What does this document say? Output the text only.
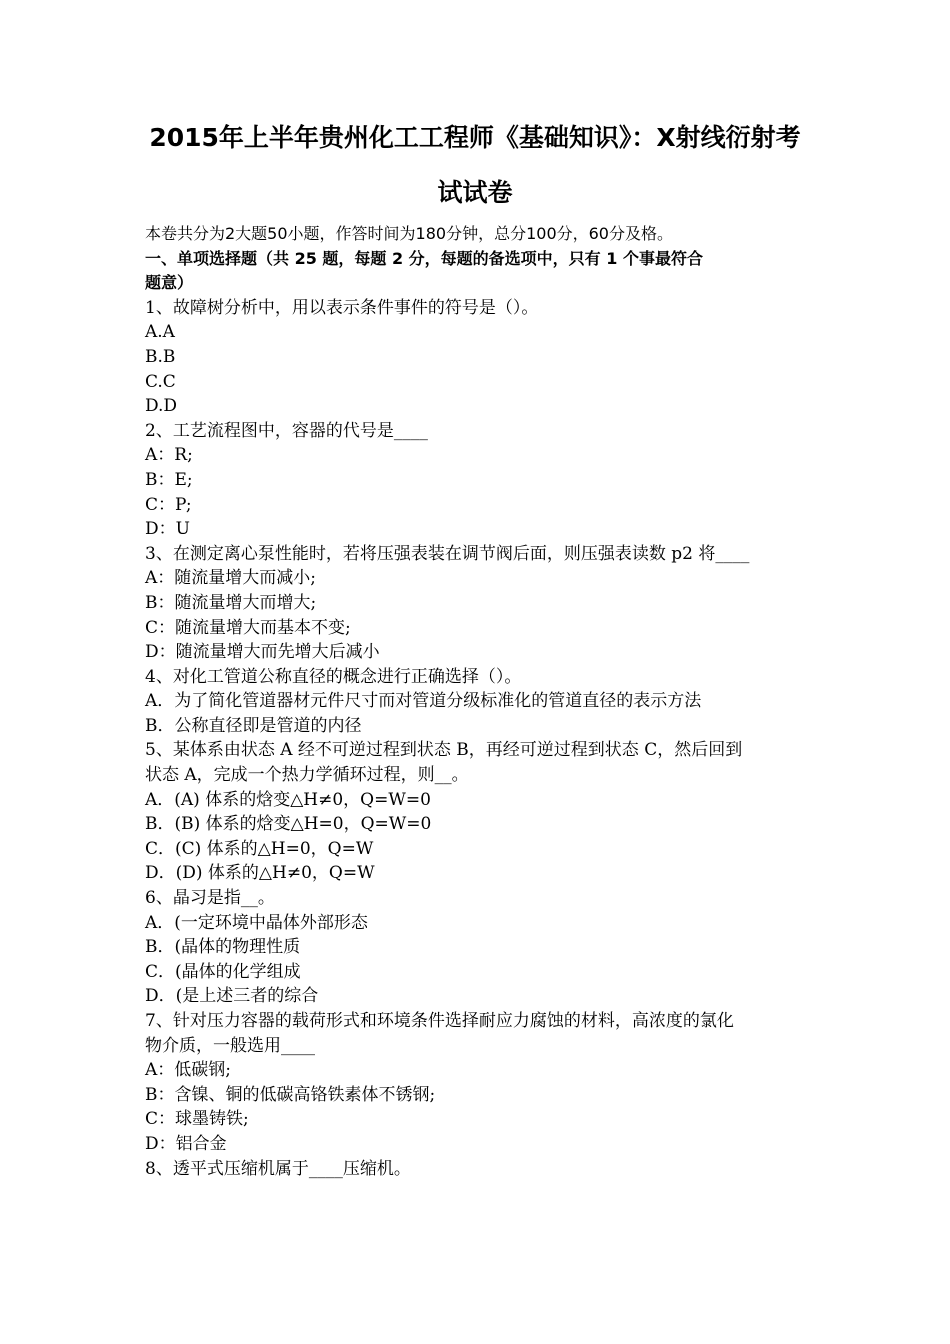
2015年上半年贵州化工工程师《基础知识》：X射线衍射考
试试卷
本卷共分为2大题50小题，作答时间为180分钟，总分100分，60分及格。
一、单项选择题（共 25 题，每题 2 分，每题的备选项中，只有 1 个事最符合
题意）
1、故障树分析中，用以表示条件事件的符号是（）。
A.A
B.B
C.C
D.D
2、工艺流程图中，容器的代号是____
A：R;
B：E;
C：P;
D：U
3、在测定离心泵性能时，若将压强表装在调节阀后面，则压强表读数 p2 将____
A：随流量增大而减小;
B：随流量增大而增大;
C：随流量增大而基本不变;
D：随流量增大而先增大后减小
4、对化工管道公称直径的概念进行正确选择（）。
A．为了简化管道器材元件尺寸而对管道分级标准化的管道直径的表示方法
B．公称直径即是管道的内径
5、某体系由状态 A 经不可逆过程到状态 B，再经可逆过程到状态 C，然后回到
状态 A，完成一个热力学循环过程，则__。
A．(A) 体系的焓变△H≠0，Q=W=0
B．(B) 体系的焓变△H=0，Q=W=0
C．(C) 体系的△H=0，Q=W
D．(D) 体系的△H≠0，Q=W
6、晶习是指__。
A．(一定环境中晶体外部形态
B．(晶体的物理性质
C．(晶体的化学组成
D．(是上述三者的综合
7、针对压力容器的载荷形式和环境条件选择耐应力腐蚀的材料，高浓度的氯化
物介质，一般选用____
A：低碳钢;
B：含镍、铜的低碳高铬铁素体不锈钢;
C：球墨铸铁;
D：铝合金
8、透平式压缩机属于____压缩机。
